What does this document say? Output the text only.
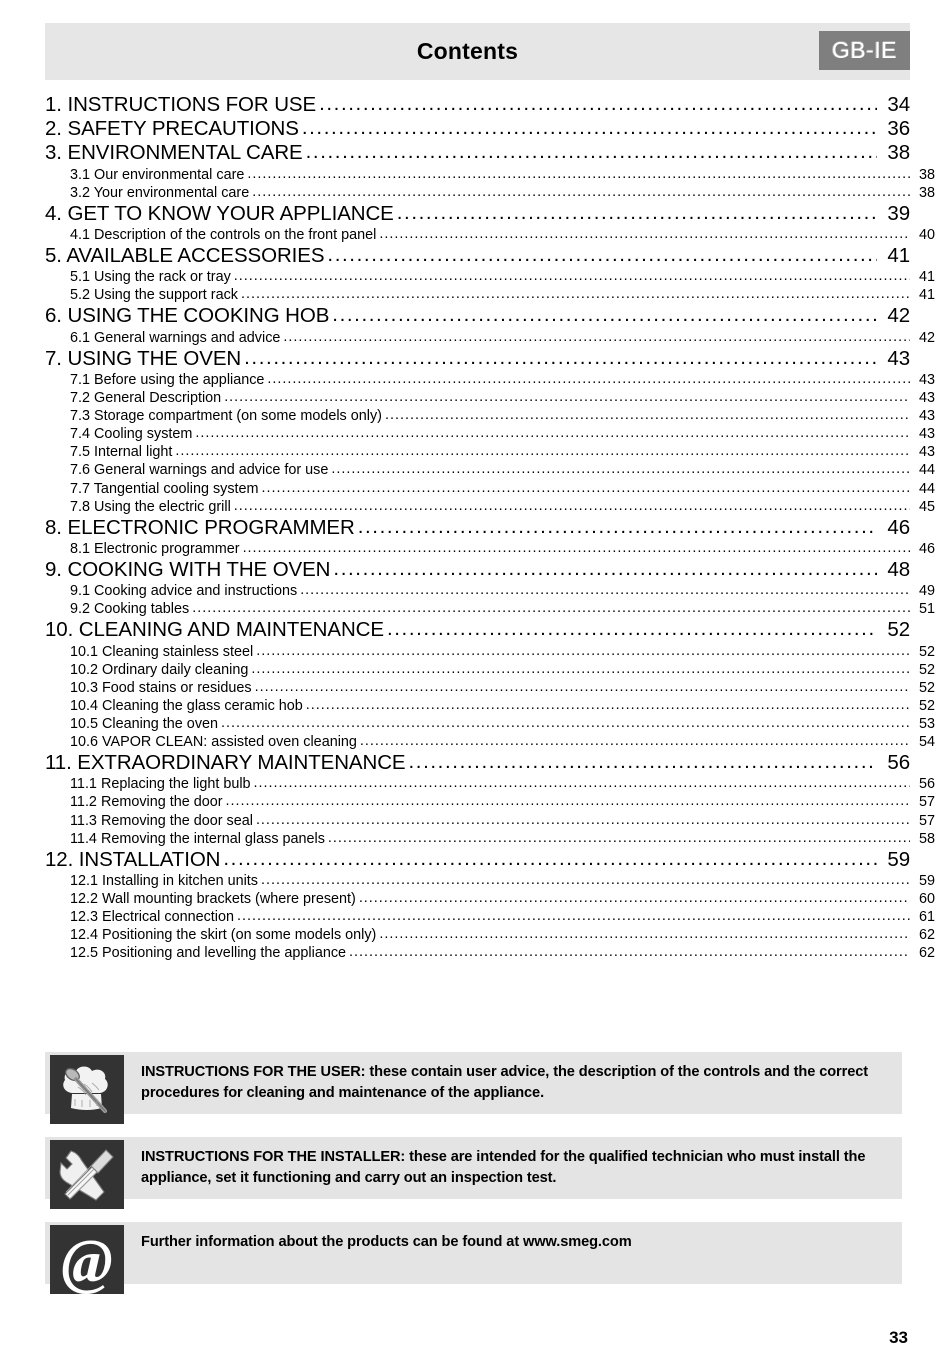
Contents	GB-IE
1. INSTRUCTIONS FOR USE .....	34
2. SAFETY PRECAUTIONS .....	36
3. ENVIRONMENTAL CARE .....	38
3.1 Our environmental care .....	38
3.2 Your environmental care .....	38
4. GET TO KNOW YOUR APPLIANCE .....	39
4.1 Description of the controls on the front panel .....	40
5. AVAILABLE ACCESSORIES .....	41
5.1 Using the rack or tray .....	41
5.2 Using the support rack .....	41
6. USING THE COOKING HOB .....	42
6.1 General warnings and advice .....	42
7. USING THE OVEN .....	43
7.1 Before using the appliance .....	43
7.2 General Description .....	43
7.3 Storage compartment (on some models only) .....	43
7.4 Cooling system .....	43
7.5 Internal light .....	43
7.6 General warnings and advice for use .....	44
7.7 Tangential cooling system .....	44
7.8 Using the electric grill .....	45
8. ELECTRONIC PROGRAMMER .....	46
8.1 Electronic programmer .....	46
9. COOKING WITH THE OVEN .....	48
9.1 Cooking advice and instructions .....	49
9.2 Cooking tables .....	51
10. CLEANING AND MAINTENANCE .....	52
10.1 Cleaning stainless steel .....	52
10.2 Ordinary daily cleaning .....	52
10.3 Food stains or residues .....	52
10.4 Cleaning the glass ceramic hob .....	52
10.5 Cleaning the oven .....	53
10.6 VAPOR CLEAN: assisted oven cleaning .....	54
11. EXTRAORDINARY MAINTENANCE .....	56
11.1 Replacing the light bulb .....	56
11.2 Removing the door .....	57
11.3 Removing the door seal .....	57
11.4 Removing the internal glass panels .....	58
12. INSTALLATION .....	59
12.1 Installing in kitchen units .....	59
12.2 Wall mounting brackets (where present) .....	60
12.3 Electrical connection .....	61
12.4 Positioning the skirt (on some models only) .....	62
12.5 Positioning and levelling the appliance .....	62
INSTRUCTIONS FOR THE USER: these contain user advice, the description of the controls and the correct procedures for cleaning and maintenance of the appliance.
INSTRUCTIONS FOR THE INSTALLER: these are intended for the qualified technician who must install the appliance, set it functioning and carry out an inspection test.
@ Further information about the products can be found at www.smeg.com
33
